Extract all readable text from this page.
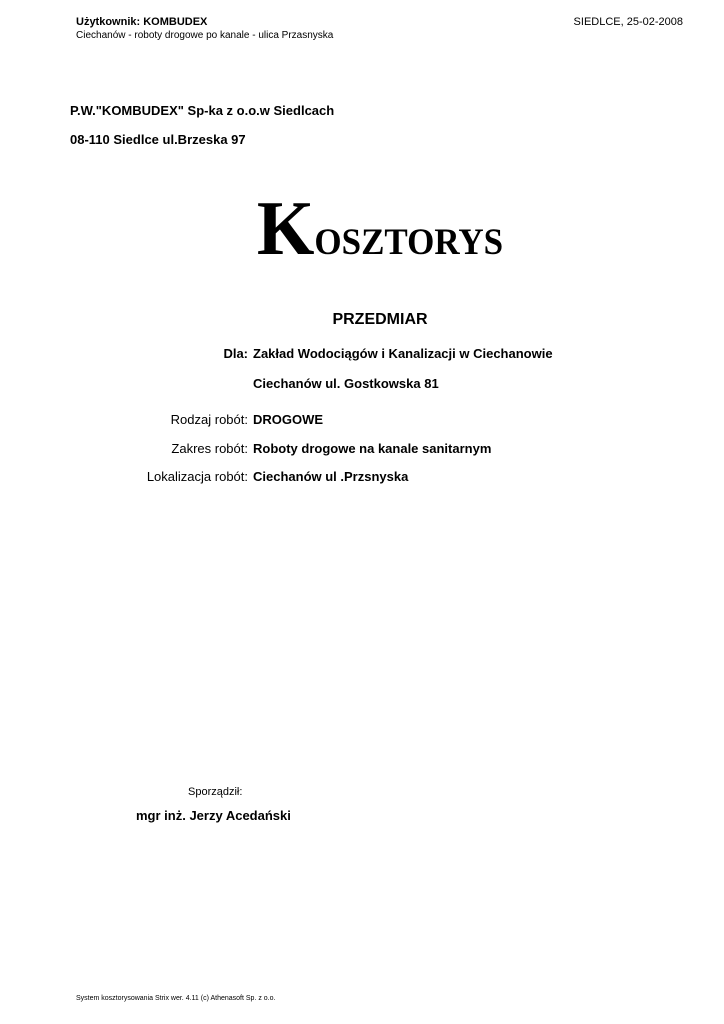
Użytkownik: KOMBUDEX
Ciechanów - roboty drogowe po kanale - ulica Przasnyska
SIEDLCE, 25-02-2008
P.W."KOMBUDEX" Sp-ka z o.o.w Siedlcach
08-110 Siedlce ul.Brzeska 97
Kosztorys
PRZEDMIAR
Dla: Zakład Wodociągów i Kanalizacji w Ciechanowie
Ciechanów ul. Gostkowska 81
Rodzaj robót: DROGOWE
Zakres robót: Roboty drogowe na kanale sanitarnym
Lokalizacja robót: Ciechanów ul .Przsnyska
Sporządził:
mgr inż. Jerzy Acedański
System kosztorysowania Strix wer. 4.11 (c) Athenasoft Sp. z o.o.
